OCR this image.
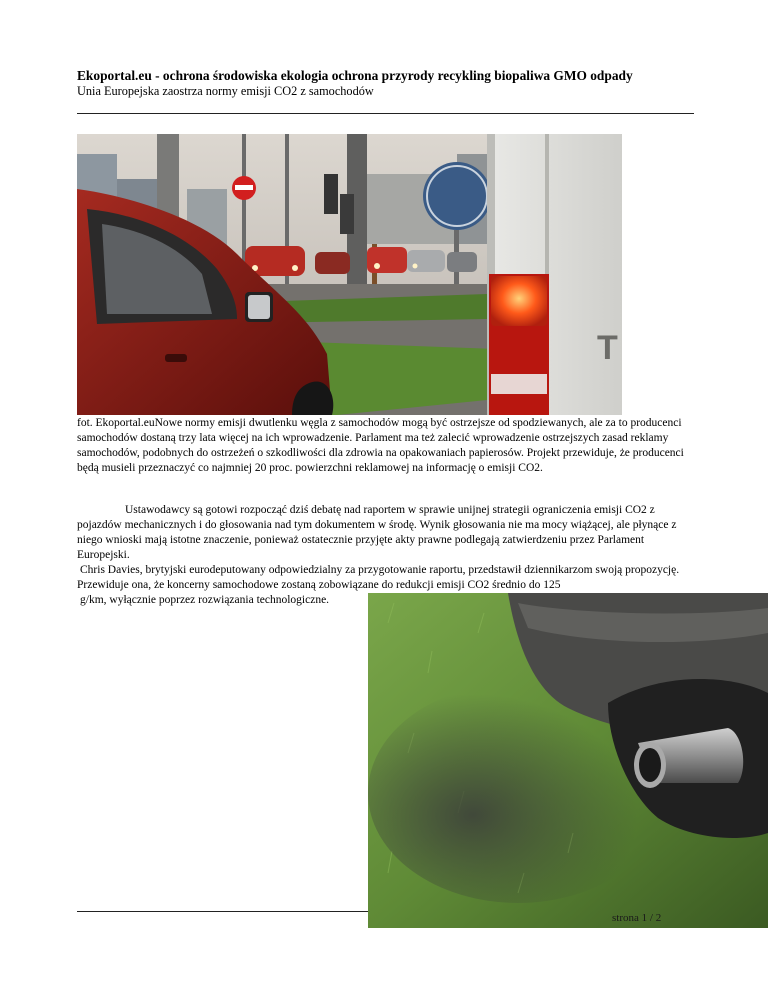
Ekoportal.eu - ochrona środowiska ekologia ochrona przyrody recykling biopaliwa GMO odpady
Unia Europejska zaostrza normy emisji CO2 z samochodów
T

fot. Ekoportal.euNowe normy emisji dwutlenku węgla z samochodów mogą być ostrzejsze od spodziewanych, ale za to producenci samochodów dostaną trzy lata więcej na ich wprowadzenie. Parlament ma też zalecić wprowadzenie ostrzejszych zasad reklamy samochodów, podobnych do ostrzeżeń o szkodliwości dla zdrowia na opakowaniach papierosów. Projekt przewiduje, że producenci będą musieli przeznaczyć co najmniej 20 proc. powierzchni reklamowej na informację o emisji CO2.

Ustawodawcy są gotowi rozpocząć dziś debatę nad raportem w sprawie unijnej strategii ograniczenia emisji CO2 z pojazdów mechanicznych i do głosowania nad tym dokumentem w środę. Wynik głosowania nie ma mocy wiążącej, ale płynące z niego wnioski mają istotne znaczenie, ponieważ ostatecznie przyjęte akty prawne podlegają zatwierdzeniu przez Parlament Europejski.

Chris Davies, brytyjski eurodeputowany odpowiedzialny za przygotowanie raportu, przedstawił dziennikarzom swoją propozycję. Przewiduje ona, że koncerny samochodowe zostaną zobowiązane do redukcji emisji CO2 średnio do 125
g/km, wyłącznie poprzez rozwiązania technologiczne.

strona 1 / 2
